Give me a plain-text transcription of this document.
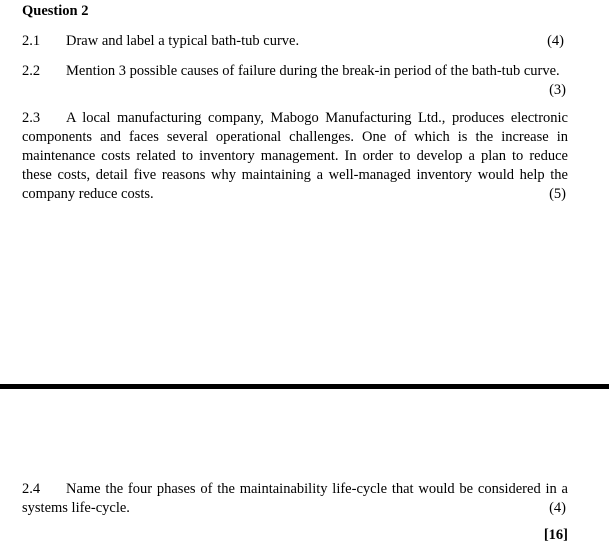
Question 2
2.1 Draw and label a typical bath-tub curve.	(4)
2.2 Mention 3 possible causes of failure during the break-in period of the bath-tub curve.
(3)
2.3 A local manufacturing company, Mabogo Manufacturing Ltd., produces electronic components and faces several operational challenges. One of which is the increase in maintenance costs related to inventory management. In order to develop a plan to reduce these costs, detail five reasons why maintaining a well-managed inventory would help the company reduce costs.	(5)
2.4 Name the four phases of the maintainability life-cycle that would be considered in a systems life-cycle.	(4)
[16]
